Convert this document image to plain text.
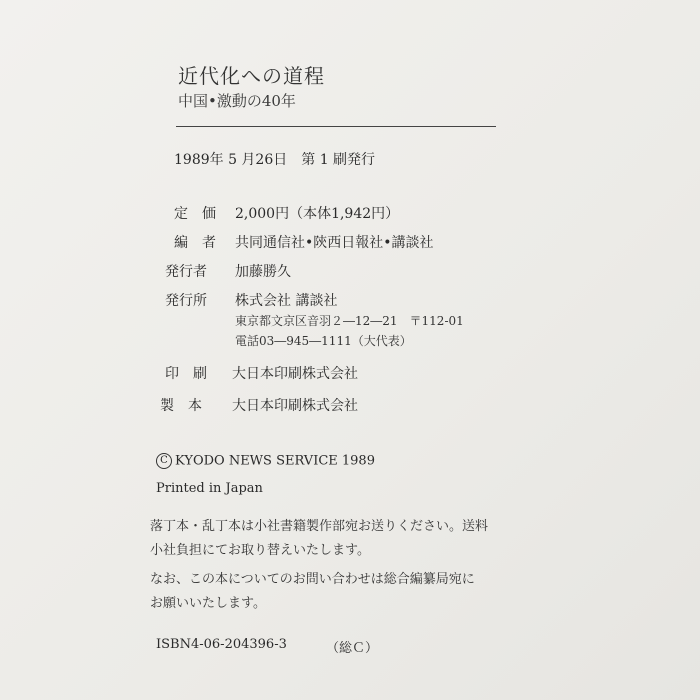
近代化への道程
中国•激動の40年
1989年 5 月26日　第 1 刷発行
定　価 2,000円（本体1,942円）
編　者 共同通信社•陝西日報社•講談社
発行者 加藤勝久
発行所 株式会社 講談社
東京都文京区音羽２―12―21　〒112-01
電話03―945―1111（大代表）
印　刷 大日本印刷株式会社
製　本 大日本印刷株式会社
C KYODO NEWS SERVICE 1989
Printed in Japan
落丁本・乱丁本は小社書籍製作部宛お送りください。送料
小社負担にてお取り替えいたします。
なお、この本についてのお問い合わせは総合編纂局宛に
お願いいたします。
ISBN4-06-204396-3	（総Ｃ）
